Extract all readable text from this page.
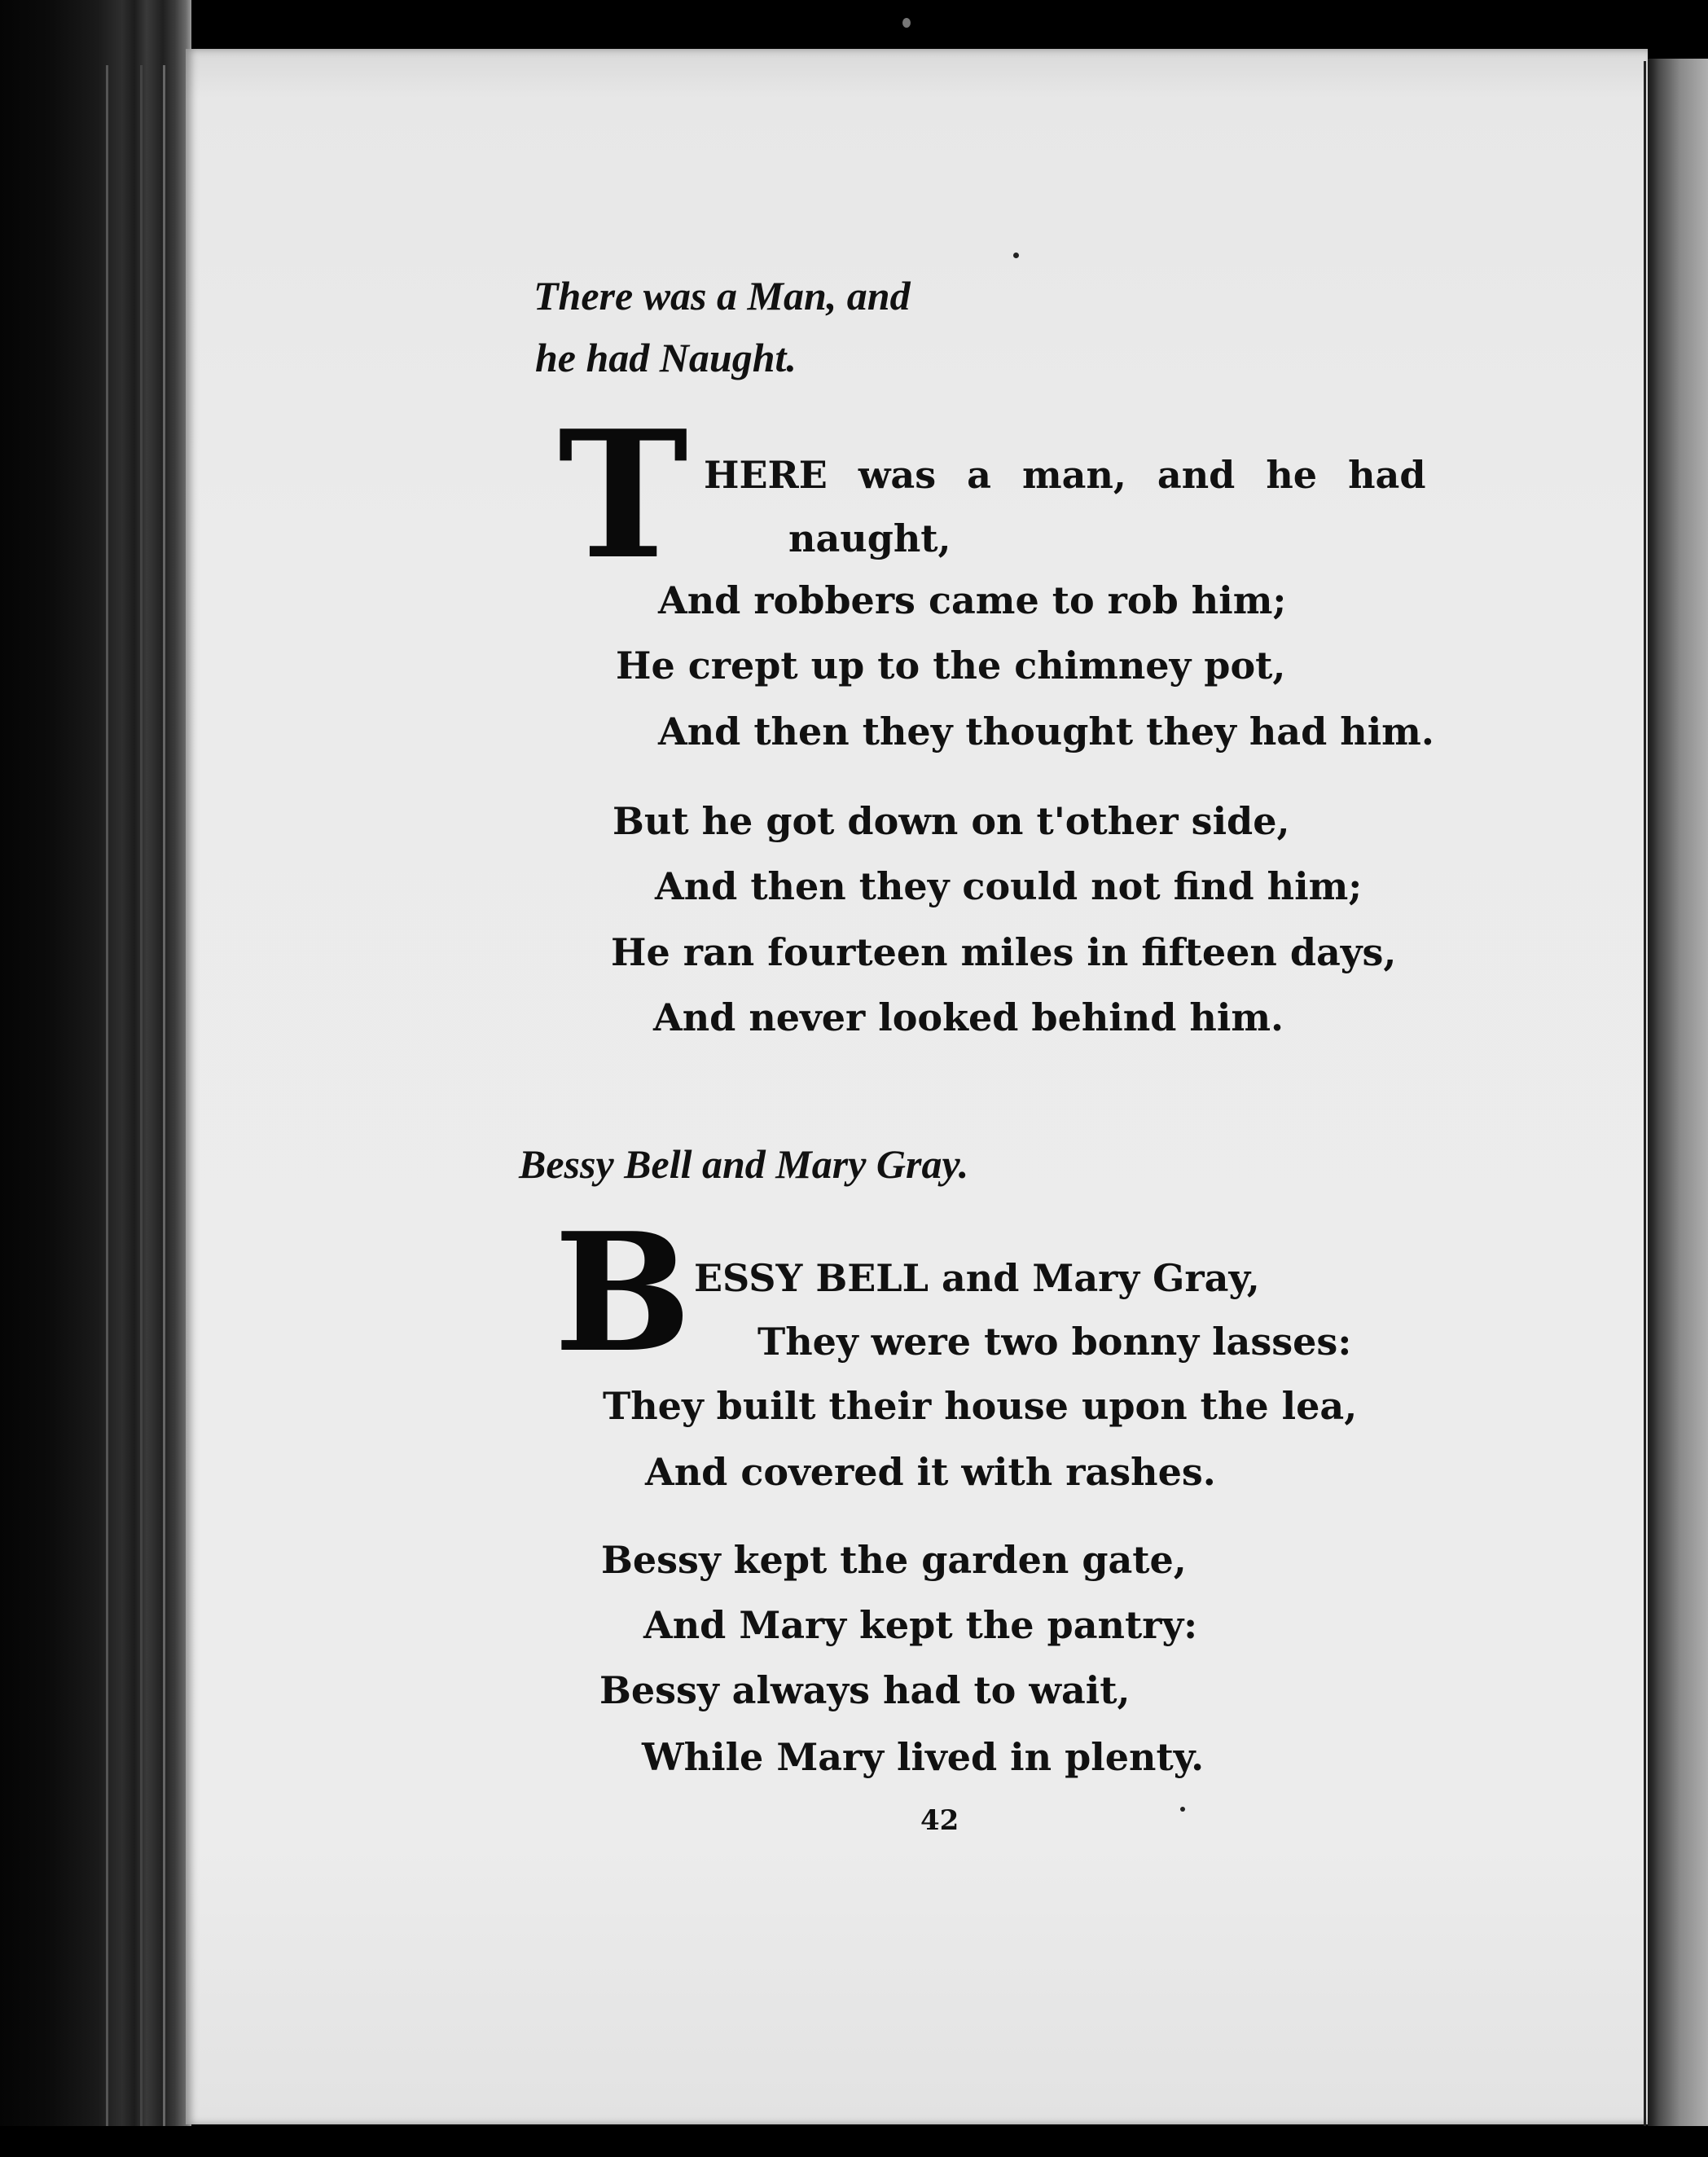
There was a Man, and
he had Naught.
T HERE was a man, and he had
naught,
And robbers came to rob him;
He crept up to the chimney pot,
And then they thought they had him.
But he got down on t'other side,
And then they could not find him;
He ran fourteen miles in fifteen days,
And never looked behind him.
Bessy Bell and Mary Gray.
B ESSY BELL and Mary Gray,
They were two bonny lasses:
They built their house upon the lea,
And covered it with rashes.
Bessy kept the garden gate,
And Mary kept the pantry:
Bessy always had to wait,
While Mary lived in plenty.
42
